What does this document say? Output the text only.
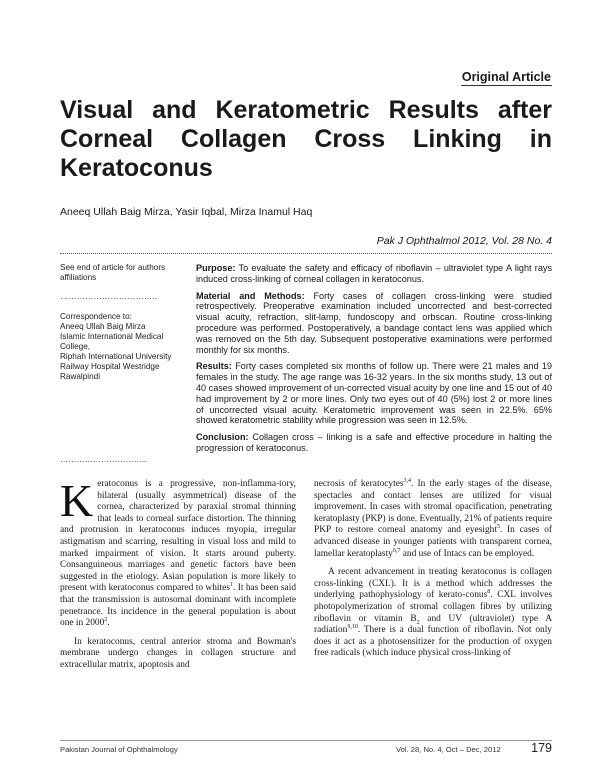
Original Article
Visual and Keratometric Results after Corneal Collagen Cross Linking in Keratoconus
Aneeq Ullah Baig Mirza, Yasir Iqbal, Mirza Inamul Haq
Pak J Ophthalmol 2012, Vol. 28 No. 4
See end of article for authors affiliations
……………………………..
Correspondence to:
Aneeq Ullah Baig Mirza
Islamic International Medical College,
Riphah International University
Railway Hospital Westridge
Rawalpindi
…………………………..

Purpose: To evaluate the safety and efficacy of riboflavin – ultraviolet type A light rays induced cross-linking of corneal collagen in keratoconus.

Material and Methods: Forty cases of collagen cross-linking were studied retrospectively. Preoperative examination included uncorrected and best-corrected visual acuity, refraction, slit-lamp, fundoscopy and orbscan. Routine cross-linking procedure was performed. Postoperatively, a bandage contact lens was applied which was removed on the 5th day. Subsequent postoperative examinations were performed monthly for six months.

Results: Forty cases completed six months of follow up. There were 21 males and 19 females in the study. The age range was 16-32 years. In the six months study, 13 out of 40 cases showed improvement of un-corrected visual acuity by one line and 15 out of 40 had improvement by 2 or more lines. Only two eyes out of 40 (5%) lost 2 or more lines of uncorrected visual acuity. Keratometric improvement was seen in 22.5%. 65% showed keratometric stability while progression was seen in 12.5%.

Conclusion: Collagen cross – linking is a safe and effective procedure in halting the progression of keratoconus.

Keratoconus is a progressive, non-inflamma-tory, bilateral (usually asymmetrical) disease of the cornea, characterized by paraxial stromal thinning that leads to corneal surface distortion. The thinning and protrusion in keratoconus induces myopia, irregular astigmatism and scarring, resulting in visual loss and mild to marked impairment of vision. It starts around puberty. Consanguineous marriages and genetic factors have been suggested in the etiology. Asian population is more likely to present with keratoconus compared to whites$^1$. It has been said that the transmission is autosomal dominant with incomplete penetrance. Its incidence in the general population is about one in 2000$^2$.

In keratoconus, central anterior stroma and Bowman's membrane undergo changes in collagen structure and extracellular matrix, apoptosis and

necrosis of keratocytes$^{3,4}$. In the early stages of the disease, spectacles and contact lenses are utilized for visual improvement. In cases with stromal opacification, penetrating keratoplasty (PKP) is done. Eventually, 21% of patients require PKP to restore corneal anatomy and eyesight$^5$. In cases of advanced disease in younger patients with transparent cornea, lamellar keratoplasty$^{6,7}$ and use of Intacs can be employed.

A recent advancement in treating keratoconus is collagen cross-linking (CXL). It is a method which addresses the underlying pathophysiology of kerato-conus$^8$. CXL involves photopolymerization of stromal collagen fibres by utilizing riboflavin or vitamin $B_2$ and UV (ultraviolet) type A radiation$^{9,10}$. There is a dual function of riboflavin. Not only does it act as a photosensitizer for the production of oxygen free radicals (which induce physical cross-linking of

Pakistan Journal of Ophthalmology	Vol. 28, No. 4, Oct – Dec, 2012 179
